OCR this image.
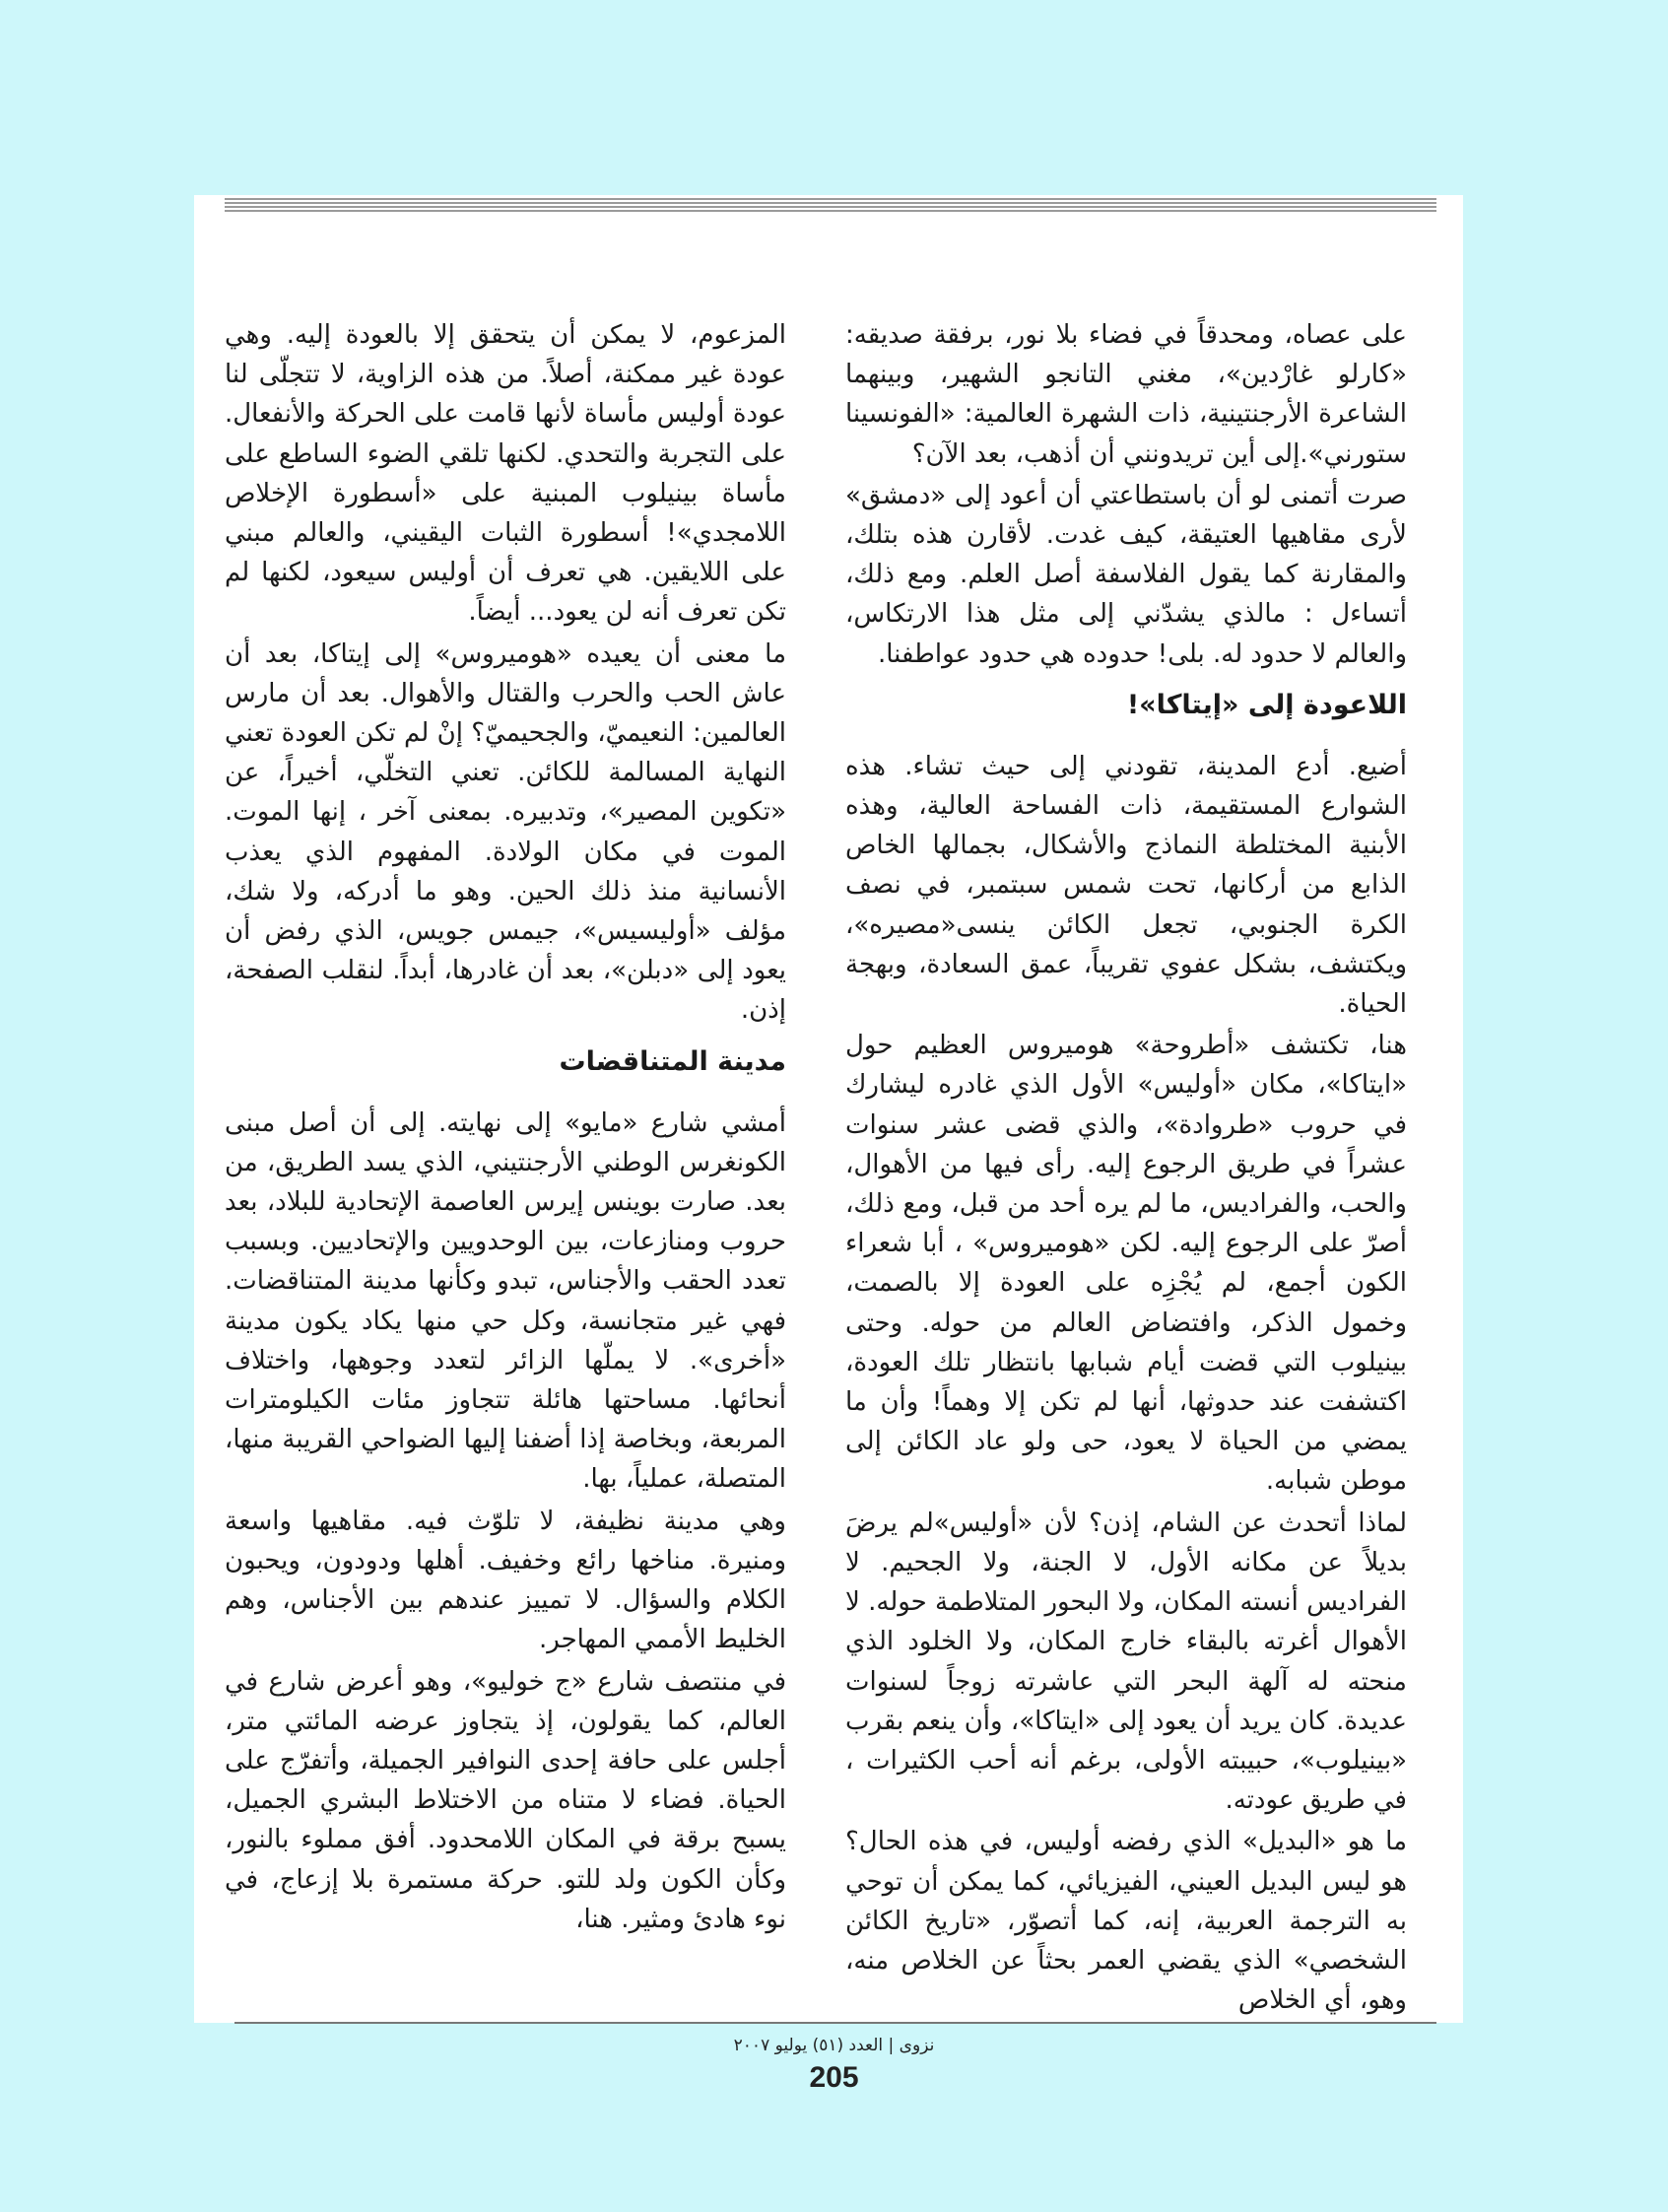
على عصاه، ومحدقاً في فضاء بلا نور، برفقة صديقه: «كارلو غارْدين»، مغني التانجو الشهير، وبينهما الشاعرة الأرجنتينية، ذات الشهرة العالمية: «الفونسينا ستورني».إلى أين تريدونني أن أذهب، بعد الآن؟

صرت أتمنى لو أن باستطاعتي أن أعود إلى «دمشق» لأرى مقاهيها العتيقة، كيف غدت. لأقارن هذه بتلك، والمقارنة كما يقول الفلاسفة أصل العلم. ومع ذلك، أتساءل : مالذي يشدّني إلى مثل هذا الارتكاس، والعالم لا حدود له. بلى! حدوده هي حدود عواطفنا.

اللاعودة إلى «إيتاكا»!

أضيع. أدع المدينة، تقودني إلى حيث تشاء. هذه الشوارع المستقيمة، ذات الفساحة العالية، وهذه الأبنية المختلطة النماذج والأشكال، بجمالها الخاص الذابع من أركانها، تحت شمس سبتمبر، في نصف الكرة الجنوبي، تجعل الكائن ينسى«مصيره»، ويكتشف، بشكل عفوي تقريباً، عمق السعادة، وبهجة الحياة.

هنا، تكتشف «أطروحة» هوميروس العظيم حول «ايتاكا»، مكان «أوليس» الأول الذي غادره ليشارك في حروب «طروادة»، والذي قضى عشر سنوات عشراً في طريق الرجوع إليه. رأى فيها من الأهوال، والحب، والفراديس، ما لم يره أحد من قبل، ومع ذلك، أصرّ على الرجوع إليه. لكن «هوميروس» ، أبا شعراء الكون أجمع، لم يُجْزِه على العودة إلا بالصمت، وخمول الذكر، وافتضاض العالم من حوله. وحتى بينيلوب التي قضت أيام شبابها بانتظار تلك العودة، اكتشفت عند حدوثها، أنها لم تكن إلا وهماً! وأن ما يمضي من الحياة لا يعود، حى ولو عاد الكائن إلى موطن شبابه.

لماذا أتحدث عن الشام، إذن؟ لأن «أوليس»لم يرضَ بديلاً عن مكانه الأول، لا الجنة، ولا الجحيم. لا الفراديس أنسته المكان، ولا البحور المتلاطمة حوله. لا الأهوال أغرته بالبقاء خارج المكان، ولا الخلود الذي منحته له آلهة البحر التي عاشرته زوجاً لسنوات عديدة. كان يريد أن يعود إلى «ايتاكا»، وأن ينعم بقرب «بينيلوب»، حبيبته الأولى، برغم أنه أحب الكثيرات ، في طريق عودته.

ما هو «البديل» الذي رفضه أوليس، في هذه الحال؟ هو ليس البديل العيني، الفيزيائي، كما يمكن أن توحي به الترجمة العربية، إنه، كما أتصوّر، «تاريخ الكائن الشخصي» الذي يقضي العمر بحثاً عن الخلاص منه، وهو، أي الخلاص

المزعوم، لا يمكن أن يتحقق إلا بالعودة إليه. وهي عودة غير ممكنة، أصلاً. من هذه الزاوية، لا تتجلّى لنا عودة أوليس مأساة لأنها قامت على الحركة والأنفعال. على التجربة والتحدي. لكنها تلقي الضوء الساطع على مأساة بينيلوب المبنية على «أسطورة الإخلاص اللامجدي»! أسطورة الثبات اليقيني، والعالم مبني على اللايقين. هي تعرف أن أوليس سيعود، لكنها لم تكن تعرف أنه لن يعود... أيضاً.

ما معنى أن يعيده «هوميروس» إلى إيتاكا، بعد أن عاش الحب والحرب والقتال والأهوال. بعد أن مارس العالمين: النعيميّ، والجحيميّ؟ إنْ لم تكن العودة تعني النهاية المسالمة للكائن. تعني التخلّي، أخيراً، عن «تكوين المصير»، وتدبيره. بمعنى آخر ، إنها الموت. الموت في مكان الولادة. المفهوم الذي يعذب الأنسانية منذ ذلك الحين. وهو ما أدركه، ولا شك، مؤلف «أوليسيس»، جيمس جويس، الذي رفض أن يعود إلى «دبلن»، بعد أن غادرها، أبداً. لنقلب الصفحة، إذن.

مدينة المتناقضات

أمشي شارع «مايو» إلى نهايته. إلى أن أصل مبنى الكونغرس الوطني الأرجنتيني، الذي يسد الطريق، من بعد. صارت بوينس إيرس العاصمة الإتحادية للبلاد، بعد حروب ومنازعات، بين الوحدويين والإتحاديين. وبسبب تعدد الحقب والأجناس، تبدو وكأنها مدينة المتناقضات. فهي غير متجانسة، وكل حي منها يكاد يكون مدينة «أخرى». لا يملّها الزائر لتعدد وجوهها، واختلاف أنحائها. مساحتها هائلة تتجاوز مئات الكيلومترات المربعة، وبخاصة إذا أضفنا إليها الضواحي القريبة منها، المتصلة، عملياً، بها.

وهي مدينة نظيفة، لا تلوّث فيه. مقاهيها واسعة ومنيرة. مناخها رائع وخفيف. أهلها ودودون، ويحبون الكلام والسؤال. لا تمييز عندهم بين الأجناس، وهم الخليط الأممي المهاجر.

في منتصف شارع «ج خوليو»، وهو أعرض شارع في العالم، كما يقولون، إذ يتجاوز عرضه المائتي متر، أجلس على حافة إحدى النوافير الجميلة، وأتفرّج على الحياة. فضاء لا متناه من الاختلاط البشري الجميل، يسبح برقة في المكان اللامحدود. أفق مملوء بالنور، وكأن الكون ولد للتو. حركة مستمرة بلا إزعاج، في نوء هادئ ومثير. هنا،

نزوى | العدد (٥١) يوليو ٢٠٠٧
205
